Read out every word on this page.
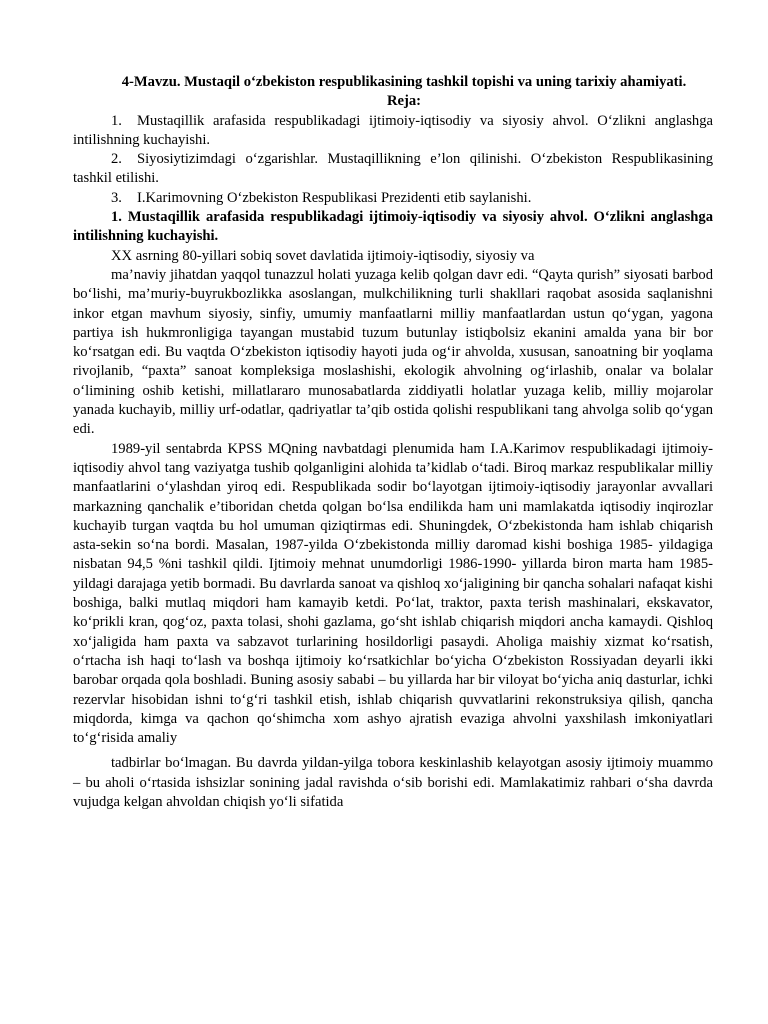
4-Mavzu. Mustaqil o‘zbekiston respublikasining tashkil topishi va uning tarixiy ahamiyati.
Reja:
1. Mustaqillik arafasida respublikadagi ijtimoiy-iqtisodiy va siyosiy ahvol. O‘zlikni anglashga intilishning kuchayishi.
2. Siyosiytizimdagi o‘zgarishlar. Mustaqillikning e’lon qilinishi. O‘zbekiston Respublikasining tashkil etilishi.
3. I.Karimovning O‘zbekiston Respublikasi Prezidenti etib saylanishi.
1. Mustaqillik arafasida respublikadagi ijtimoiy-iqtisodiy va siyosiy ahvol. O‘zlikni anglashga intilishning kuchayishi.
XX asrning 80-yillari sobiq sovet davlatida ijtimoiy-iqtisodiy, siyosiy va
ma’naviy jihatdan yaqqol tunazzul holati yuzaga kelib qolgan davr edi. “Qayta qurish” siyosati barbod bo‘lishi, ma’muriy-buyrukbozlikka asoslangan, mulkchilikning turli shakllari raqobat asosida saqlanishni inkor etgan mavhum siyosiy, sinfiy, umumiy manfaatlarni milliy manfaatlardan ustun qo‘ygan, yagona partiya ish hukmronligiga tayangan mustabid tuzum butunlay istiqbolsiz ekanini amalda yana bir bor ko‘rsatgan edi. Bu vaqtda O‘zbekiston iqtisodiy hayoti juda og‘ir ahvolda, xususan, sanoatning bir yoqlama rivojlanib, “paxta” sanoat kompleksiga moslashishi, ekologik ahvolning og‘irlashib, onalar va bolalar o‘limining oshib ketishi, millatlararo munosabatlarda ziddiyatli holatlar yuzaga kelib, milliy mojarolar yanada kuchayib, milliy urf-odatlar, qadriyatlar ta’qib ostida qolishi respublikani tang ahvolga solib qo‘ygan edi.
1989-yil sentabrda KPSS MQning navbatdagi plenumida ham I.A.Karimov respublikadagi ijtimoiy-iqtisodiy ahvol tang vaziyatga tushib qolganligini alohida ta’kidlab o‘tadi. Biroq markaz respublikalar milliy manfaatlarini o‘ylashdan yiroq edi. Respublikada sodir bo‘layotgan ijtimoiy-iqtisodiy jarayonlar avvallari markazning qanchalik e’tiboridan chetda qolgan bo‘lsa endilikda ham uni mamlakatda iqtisodiy inqirozlar kuchayib turgan vaqtda bu hol umuman qiziqtirmas edi. Shuningdek, O‘zbekistonda ham ishlab chiqarish asta-sekin so‘na bordi. Masalan, 1987-yilda O‘zbekistonda milliy daromad kishi boshiga 1985- yildagiga nisbatan 94,5 %ni tashkil qildi. Ijtimoiy mehnat unumdorligi 1986-1990- yillarda biron marta ham 1985-yildagi darajaga yetib bormadi. Bu davrlarda sanoat va qishloq xo‘jaligining bir qancha sohalari nafaqat kishi boshiga, balki mutlaq miqdori ham kamayib ketdi. Po‘lat, traktor, paxta terish mashinalari, ekskavator, ko‘prikli kran, qog‘oz, paxta tolasi, shohi gazlama, go‘sht ishlab chiqarish miqdori ancha kamaydi. Qishloq xo‘jaligida ham paxta va sabzavot turlarining hosildorligi pasaydi. Aholiga maishiy xizmat ko‘rsatish, o‘rtacha ish haqi to‘lash va boshqa ijtimoiy ko‘rsatkichlar bo‘yicha O‘zbekiston Rossiyadan deyarli ikki barobar orqada qola boshladi. Buning asosiy sababi – bu yillarda har bir viloyat bo‘yicha aniq dasturlar, ichki rezervlar hisobidan ishni to‘g‘ri tashkil etish, ishlab chiqarish quvvatlarini rekonstruksiya qilish, qancha miqdorda, kimga va qachon qo‘shimcha xom ashyo ajratish evaziga ahvolni yaxshilash imkoniyatlari to‘g‘risida amaliy
tadbirlar bo‘lmagan. Bu davrda yildan-yilga tobora keskinlashib kelayotgan asosiy ijtimoiy muammo – bu aholi o‘rtasida ishsizlar sonining jadal ravishda o‘sib borishi edi. Mamlakatimiz rahbari o‘sha davrda vujudga kelgan ahvoldan chiqish yo‘li sifatida
